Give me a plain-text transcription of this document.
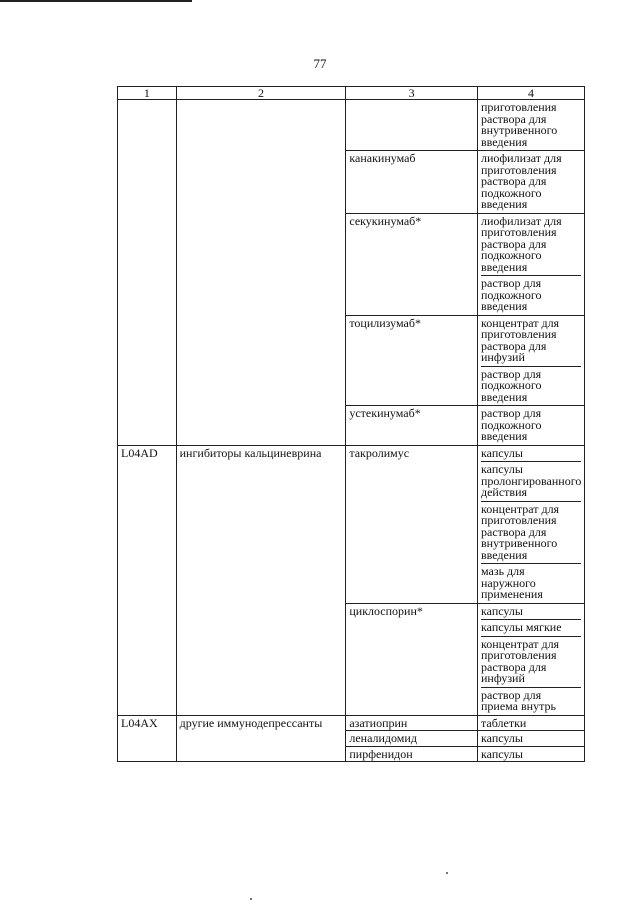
77
1	2	3	4

			приготовления раствора для внутривенного введения

		канакинумаб	лиофилизат для приготовления раствора для подкожного введения

		секукинумаб*	лиофилизат для приготовления раствора для подкожного введения
раствор для подкожного введения

		тоцилизумаб*	концентрат для приготовления раствора для инфузий
раствор для подкожного введения

		устекинумаб*	раствор для подкожного введения

L04AD	ингибиторы кальциневрина	такролимус	капсулы
капсулы пролонгированного действия
концентрат для приготовления раствора для внутривенного введения
мазь для наружного применения

		циклоспорин*	капсулы
капсулы мягкие
концентрат для приготовления раствора для инфузий
раствор для приема внутрь

L04AX	другие иммунодепрессанты	азатиоприн	таблетки
		леналидомид	капсулы
		пирфенидон	капсулы
